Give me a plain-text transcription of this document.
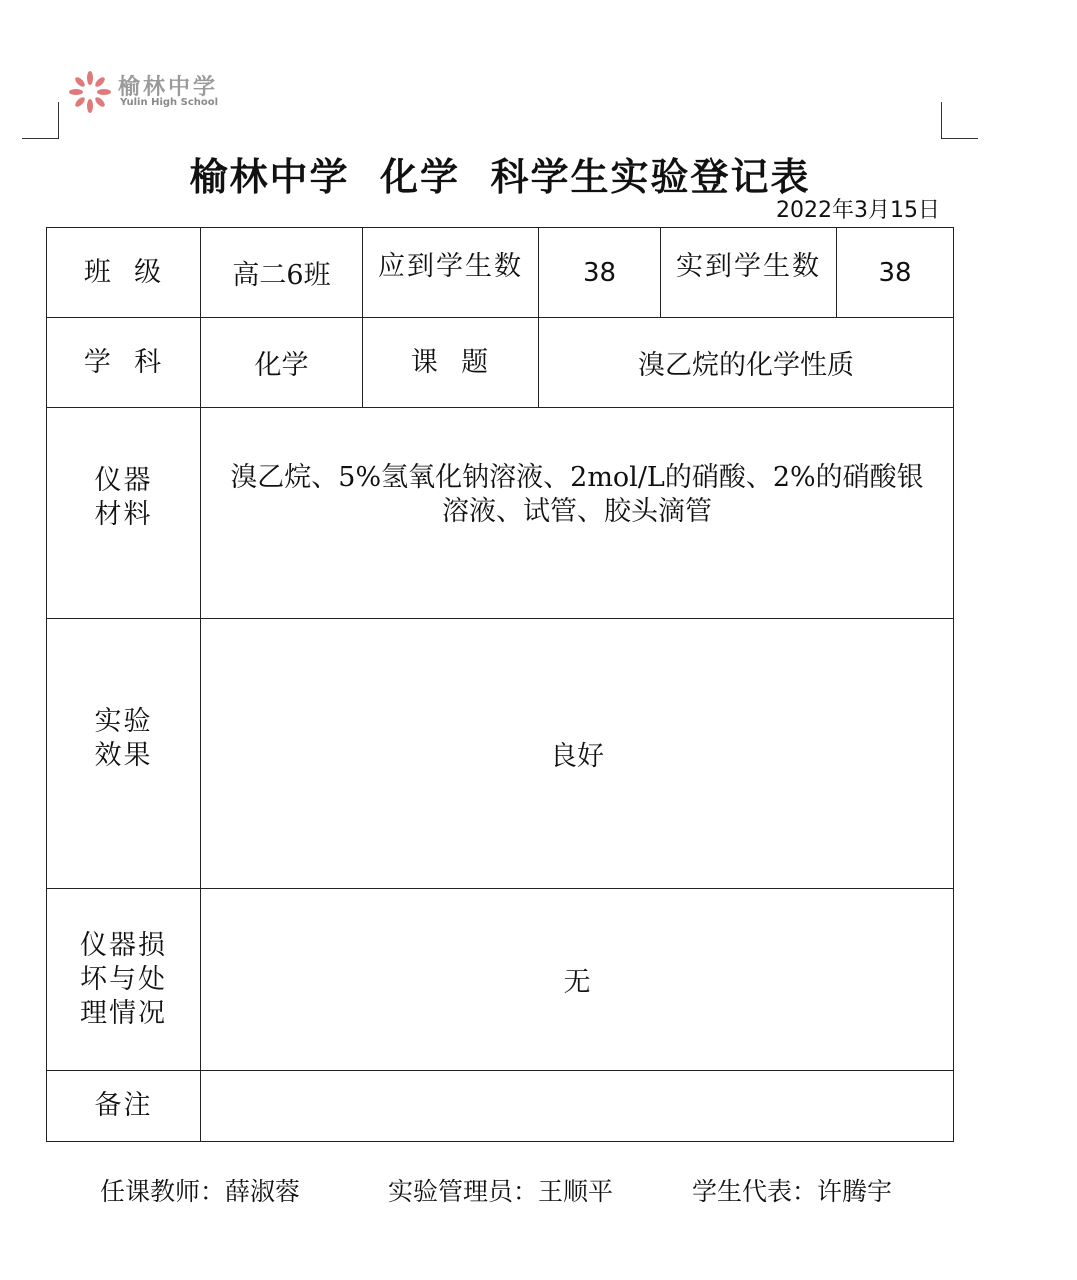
榆林中学
Yulin High School
榆林中学  化学  科学生实验登记表
2022年3月15日
班  级	高二6班	应到学生数	38	实到学生数	38
学  科	化学	课  题	溴乙烷的化学性质		

仪器
材料	溴乙烷、5%氢氧化钠溶液、2mol/L的硝酸、2%的硝酸银溶液、试管、胶头滴管				

实验
效果	良好				

仪器损
坏与处
理情况	无				
备注					
任课教师：薛淑蓉	实验管理员：王顺平	学生代表：许腾宇
